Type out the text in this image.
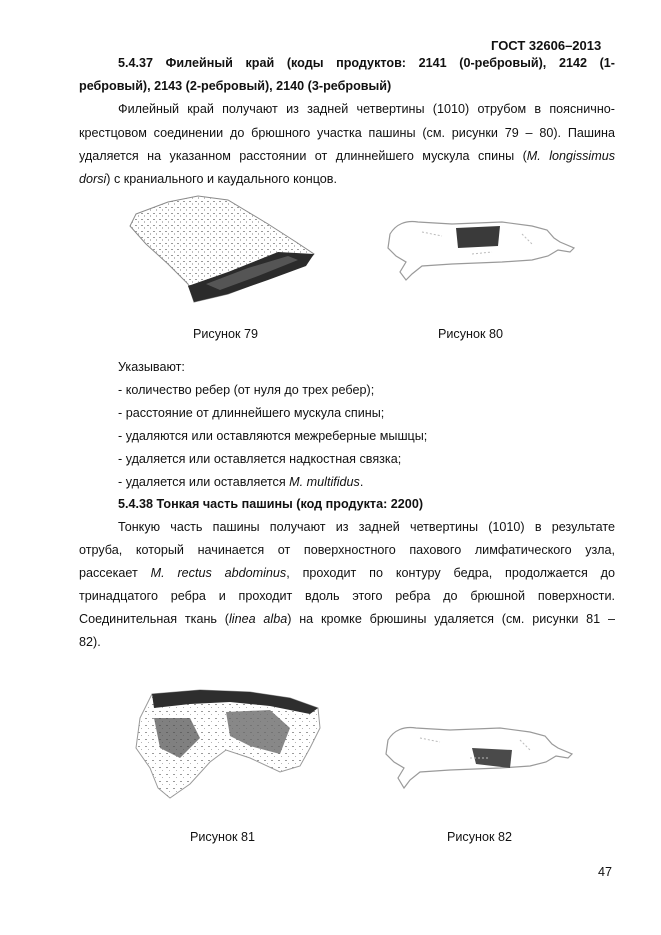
ГОСТ 32606–2013
5.4.37 Филейный край (коды продуктов: 2141 (0-ребровый), 2142 (1-
ребровый), 2143 (2-ребровый), 2140 (3-ребровый)
Филейный край получают из задней четвертины (1010) отрубом в пояснично-
крестцовом соединении до брюшного участка пашины (см. рисунки 79 – 80). Пашина
удаляется на указанном расстоянии от длиннейшего мускула спины (M. longissimus
dorsi) с краниального и каудального концов.
Рисунок 79	Рисунок 80
Указывают:
- количество ребер (от нуля до трех ребер);
- расстояние от длиннейшего мускула спины;
- удаляются или оставляются межреберные мышцы;
- удаляется или оставляется надкостная связка;
- удаляется или оставляется M. multifidus.
5.4.38 Тонкая часть пашины (код продукта: 2200)
Тонкую часть пашины получают из задней четвертины (1010) в результате
отруба, который начинается от поверхностного пахового лимфатического узла,
рассекает M. rectus abdominus, проходит по контуру бедра, продолжается до
тринадцатого ребра и проходит вдоль этого ребра до брюшной поверхности.
Соединительная ткань (linea alba) на кромке брюшины удаляется (см. рисунки 81 –
82).
Рисунок 81	Рисунок 82
47
